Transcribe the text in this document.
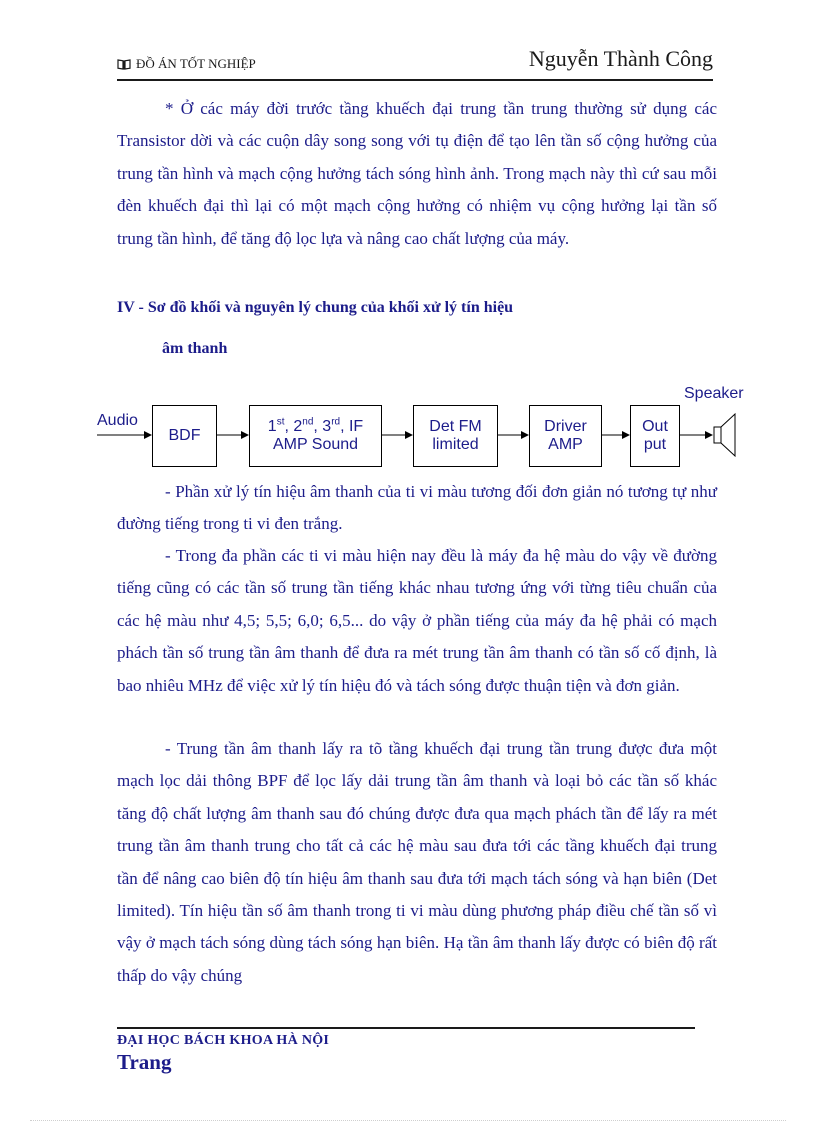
ĐỒ ÁN TỐT NGHIỆP	Nguyễn Thành Công
* Ở các máy đời trước tầng khuếch đại trung tần trung thường sử dụng các Transistor dời và các cuộn dây song song với tụ điện để tạo lên tần số cộng hưởng của trung tần hình và mạch cộng hưởng tách sóng hình ảnh. Trong mạch này thì cứ sau mỗi đèn khuếch đại thì lại có một mạch cộng hưởng có nhiệm vụ cộng hưởng lại tần số trung tần hình, để tăng độ lọc lựa và nâng cao chất lượng của máy.
IV - Sơ đồ khối và nguyên lý chung của khối xử lý tín hiệu
âm thanh
Audio
Speaker
BDF
1st, 2nd, 3rd, IF
AMP Sound
Det FM
limited
Driver
AMP
Out
put
- Phần xử lý tín hiệu âm thanh của ti vi màu tương đối đơn giản nó tương tự như đường tiếng trong ti vi đen trắng.
- Trong đa phần các ti vi màu hiện nay đều là máy đa hệ màu do vậy về đường tiếng cũng có các tần số trung tần tiếng khác nhau tương ứng với từng tiêu chuẩn của các hệ màu như 4,5; 5,5; 6,0; 6,5... do vậy ở phần tiếng của máy đa hệ phải có mạch phách tần số trung tần âm thanh để đưa ra mét trung tần âm thanh có tần số cố định, là bao nhiêu MHz để việc xử lý tín hiệu đó và tách sóng được thuận tiện và đơn giản.
- Trung tần âm thanh lấy ra tõ tầng khuếch đại trung tần trung được đưa một mạch lọc dải thông BPF để lọc lấy dải trung tần âm thanh và loại bỏ các tần số khác tăng độ chất lượng âm thanh sau đó chúng được đưa qua mạch phách tần để lấy ra mét trung tần âm thanh trung cho tất cả các hệ màu sau đưa tới các tầng khuếch đại trung tần để nâng cao biên độ tín hiệu âm thanh sau đưa tới mạch tách sóng và hạn biên (Det limited). Tín hiệu tần số âm thanh trong ti vi màu dùng phương pháp điều chế tần số vì vậy ở mạch tách sóng dùng tách sóng hạn biên. Hạ tần âm thanh lấy được có biên độ rất thấp do vậy chúng
ĐẠI HỌC BÁCH KHOA HÀ NỘI
Trang
